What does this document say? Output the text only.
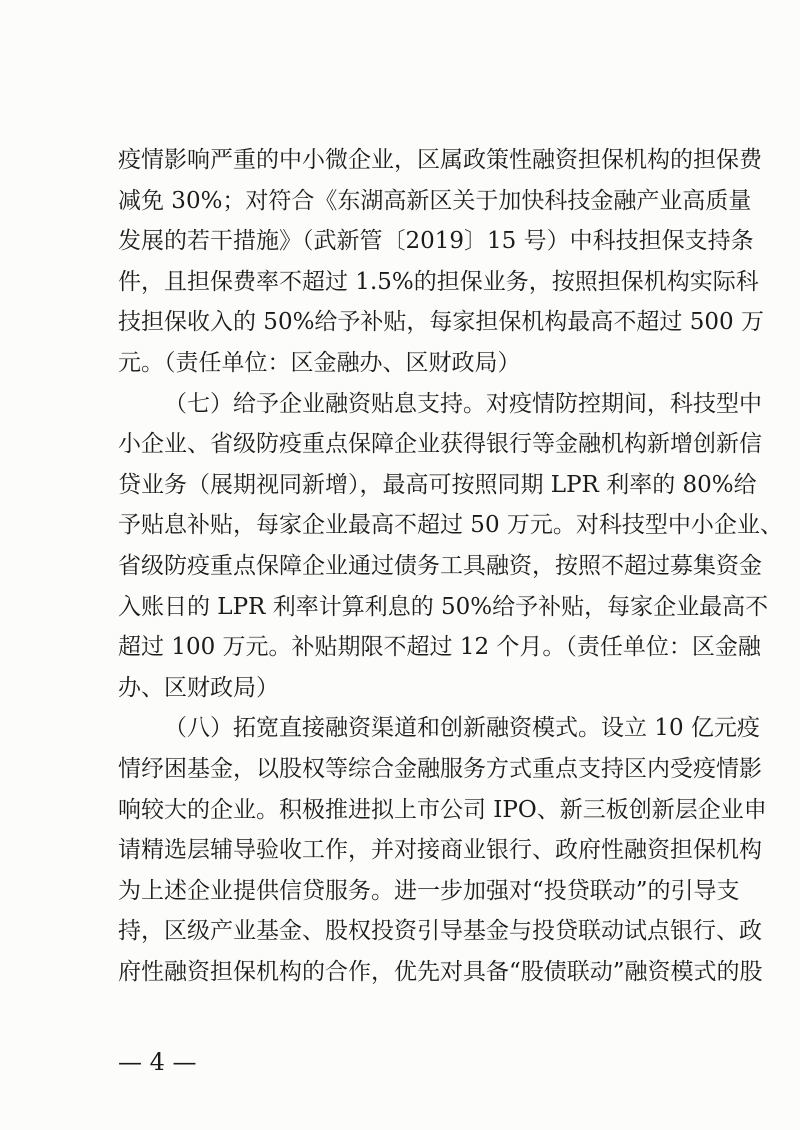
疫情影响严重的中小微企业，区属政策性融资担保机构的担保费
减免 30%；对符合《东湖高新区关于加快科技金融产业高质量
发展的若干措施》（武新管〔2019〕15 号）中科技担保支持条
件，且担保费率不超过 1.5%的担保业务，按照担保机构实际科
技担保收入的 50%给予补贴，每家担保机构最高不超过 500 万
元。（责任单位：区金融办、区财政局）
（七）给予企业融资贴息支持。对疫情防控期间，科技型中
小企业、省级防疫重点保障企业获得银行等金融机构新增创新信
贷业务（展期视同新增），最高可按照同期 LPR 利率的 80%给
予贴息补贴，每家企业最高不超过 50 万元。对科技型中小企业、
省级防疫重点保障企业通过债务工具融资，按照不超过募集资金
入账日的 LPR 利率计算利息的 50%给予补贴，每家企业最高不
超过 100 万元。补贴期限不超过 12 个月。（责任单位：区金融
办、区财政局）
（八）拓宽直接融资渠道和创新融资模式。设立 10 亿元疫
情纾困基金，以股权等综合金融服务方式重点支持区内受疫情影
响较大的企业。积极推进拟上市公司 IPO、新三板创新层企业申
请精选层辅导验收工作，并对接商业银行、政府性融资担保机构
为上述企业提供信贷服务。进一步加强对“投贷联动”的引导支
持，区级产业基金、股权投资引导基金与投贷联动试点银行、政
府性融资担保机构的合作，优先对具备“股债联动”融资模式的股
— 4 —
